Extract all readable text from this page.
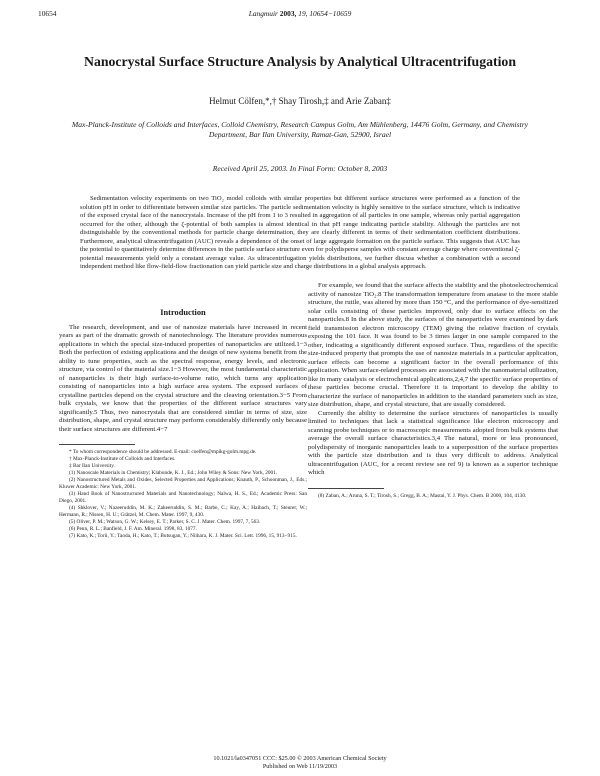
10654	Langmuir 2003, 19, 10654−10659
Nanocrystal Surface Structure Analysis by Analytical Ultracentrifugation
Helmut Cölfen,*,† Shay Tirosh,‡ and Arie Zaban‡
Max-Planck-Institute of Colloids and Interfaces, Colloid Chemistry, Research Campus Golm, Am Mühlenberg, 14476 Golm, Germany, and Chemistry Department, Bar Ilan University, Ramat-Gan, 52900, Israel
Received April 25, 2003. In Final Form: October 8, 2003

Sedimentation velocity experiments on two TiO₂ model colloids with similar properties but different surface structures were performed as a function of the solution pH in order to differentiate between similar size particles. The particle sedimentation velocity is highly sensitive to the surface structure, which is indicative of the exposed crystal face of the nanocrystals. Increase of the pH from 1 to 3 resulted in aggregation of all particles in one sample, whereas only partial aggregation occurred for the other, although the ζ-potential of both samples is almost identical in that pH range indicating particle stability. Although the particles are not distinguishable by the conventional methods for particle charge determination, they are clearly different in terms of their sedimentation coefficient distributions. Furthermore, analytical ultracentrifugation (AUC) reveals a dependence of the onset of large aggregate formation on the particle surface. This suggests that AUC has the potential to quantitatively determine differences in the particle surface structure even for polydisperse samples with constant average charge where conventional ζ-potential measurements yield only a constant average value. As ultracentrifugation yields distributions, we further discuss whether a combination with a second independent method like flow-field-flow fractionation can yield particle size and charge distributions in a global analysis approach.

Introduction

The research, development, and use of nanosize materials have increased in recent years as part of the dramatic growth of nanotechnology. The literature provides numerous applications in which the special size-induced properties of nanoparticles are utilized.1−3 Both the perfection of existing applications and the design of new systems benefit from the ability to tune properties, such as the spectral response, energy levels, and electronic structure, via control of the material size.1−3 However, the most fundamental characteristic of nanoparticles is their high surface-to-volume ratio, which turns any application consisting of nanoparticles into a high surface area system. The exposed surfaces of crystalline particles depend on the crystal structure and the cleaving orientation.3−5 From bulk crystals, we know that the properties of the different surface structures vary significantly.5 Thus, two nanocrystals that are considered similar in terms of size, size distribution, shape, and crystal structure may perform considerably differently only because their surface structures are different.4−7

* To whom correspondence should be addressed. E-mail: coelfen@mpikg-golm.mpg.de.

† Max-Planck-Institute of Colloids and Interfaces.

‡ Bar Ilan University.

(1) Nanoscale Materials in Chemistry; Klabunde, K. J., Ed.; John Wiley & Sons: New York, 2001.

(2) Nanostructured Metals and Oxides, Selected Properties and Applications; Knauth, P., Schoonman, J., Eds.; Kluwer Academic: New York, 2001.

(3) Hand Book of Nanostructured Materials and Nanotechnology; Nalwa, H. S., Ed.; Academic Press: San Diego, 2001.

(4) Shklover, V.; Nazeeruddin, M. K.; Zakeeruddin, S. M.; Barbe, C.; Kay, A.; Haibach, T.; Steurer, W.; Hermann, R.; Nissen, H. U.; Grätzel, M. Chem. Mater. 1997, 9, 430.

(5) Oliver, P. M.; Watson, G. W.; Kelsey, E. T.; Parker, S. C. J. Mater. Chem. 1997, 7, 563.

(6) Penn, R. L.; Banfield, J. F. Am. Mineral. 1998, 83, 1077.

(7) Kato, K.; Torii, Y.; Taoda, H.; Kato, T.; Butsugan, Y.; Niihara, K. J. Mater. Sci. Lett. 1996, 15, 913−915.

For example, we found that the surface affects the stability and the photoelectrochemical activity of nanosize TiO₂.8 The transformation temperature from anatase to the more stable structure, the rutile, was altered by more than 150 °C, and the performance of dye-sensitized solar cells consisting of these particles improved, only due to surface effects on the nanoparticles.8 In the above study, the surfaces of the nanoparticles were examined by dark field transmission electron microscopy (TEM) giving the relative fraction of crystals exposing the 101 face. It was found to be 3 times larger in one sample compared to the other, indicating a significantly different exposed surface. Thus, regardless of the specific size-induced property that prompts the use of nanosize materials in a particular application, surface effects can become a significant factor in the overall performance of this application. When surface-related processes are associated with the nanomaterial utilization, like in many catalysis or electrochemical applications,2,4,7 the specific surface properties of these particles become crucial. Therefore it is important to develop the ability to characterize the surface of nanoparticles in addition to the standard parameters such as size, size distribution, shape, and crystal structure, that are usually considered.

Currently the ability to determine the surface structures of nanoparticles is usually limited to techniques that lack a statistical significance like electron microscopy and scanning probe techniques or to macroscopic measurements adopted from bulk systems that average the overall surface characteristics.3,4 The natural, more or less pronounced, polydispersity of inorganic nanoparticles leads to a superposition of the surface properties with the particle size distribution and is thus very difficult to address. Analytical ultracentrifugation (AUC, for a recent review see ref 9) is known as a superior technique which

(8) Zaban, A.; Aruna, S. T.; Tirosh, S.; Gregg, B. A.; Mastai, Y. J. Phys. Chem. B 2000, 104, 4130.

10.1021/la0347051 CCC: $25.00 © 2003 American Chemical Society
Published on Web 11/19/2003
